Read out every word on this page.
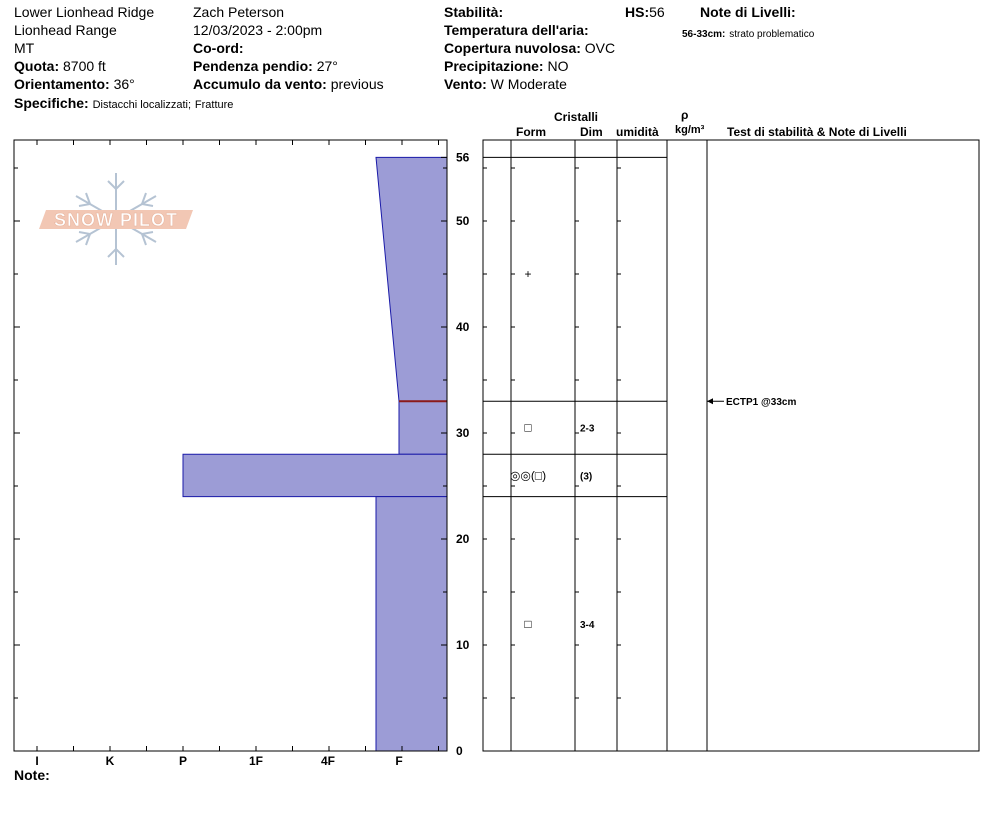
Lower Lionhead Ridge
Lionhead Range
MT
Quota: 8700 ft
Orientamento: 36°
Specifiche: Distacchi localizzati; Fratture
Zach Peterson
12/03/2023 - 2:00pm
Co-ord:
Pendenza pendio: 27°
Accumulo da vento: previous
Stabilità:
Temperatura dell'aria:
Copertura nuvolosa: OVC
Precipitazione: NO
Vento: W Moderate
HS:56	Note di Livelli:
56-33cm: strato problematico
Cristalli
Form	Dim umidità
ρ
kg/m³ Test di stabilità & Note di Livelli
SNOW PILOT
0
10
20
30
40
50
56
I	K	P	1F	4F	F
+
□	2-3
◎◎(□)	(3)
□	3-4
ECTP1 @33cm
Note:
